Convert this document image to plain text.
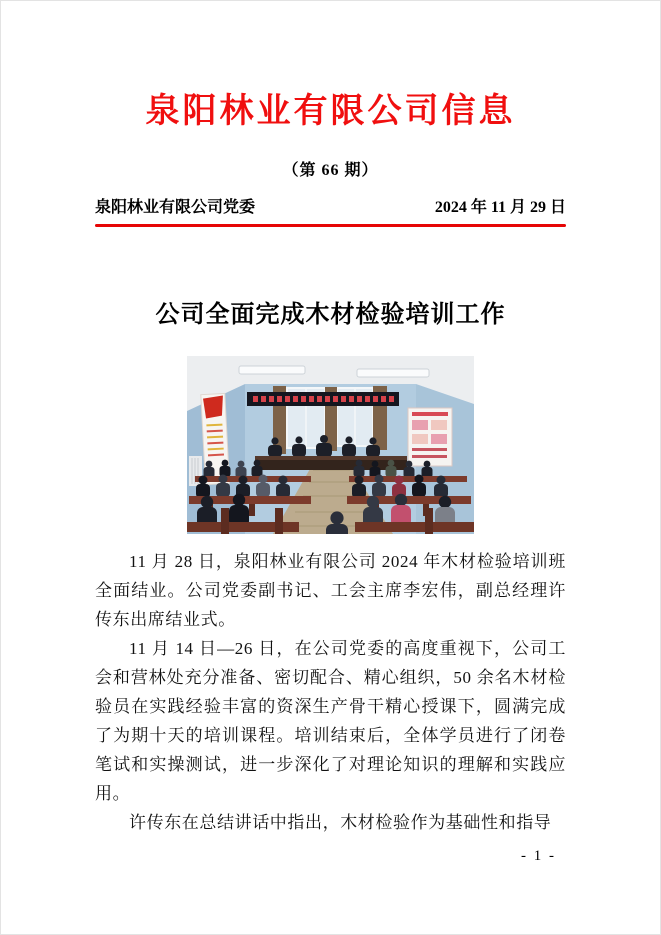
泉阳林业有限公司信息
（第 66 期）
泉阳林业有限公司党委	2024 年 11 月 29 日
公司全面完成木材检验培训工作

11 月 28 日，泉阳林业有限公司 2024 年木材检验培训班全面结业。公司党委副书记、工会主席李宏伟，副总经理许传东出席结业式。

11 月 14 日—26 日，在公司党委的高度重视下，公司工会和营林处充分准备、密切配合、精心组织，50 余名木材检验员在实践经验丰富的资深生产骨干精心授课下，圆满完成了为期十天的培训课程。培训结束后，全体学员进行了闭卷笔试和实操测试，进一步深化了对理论知识的理解和实践应用。

许传东在总结讲话中指出，木材检验作为基础性和指导

- 1 -
